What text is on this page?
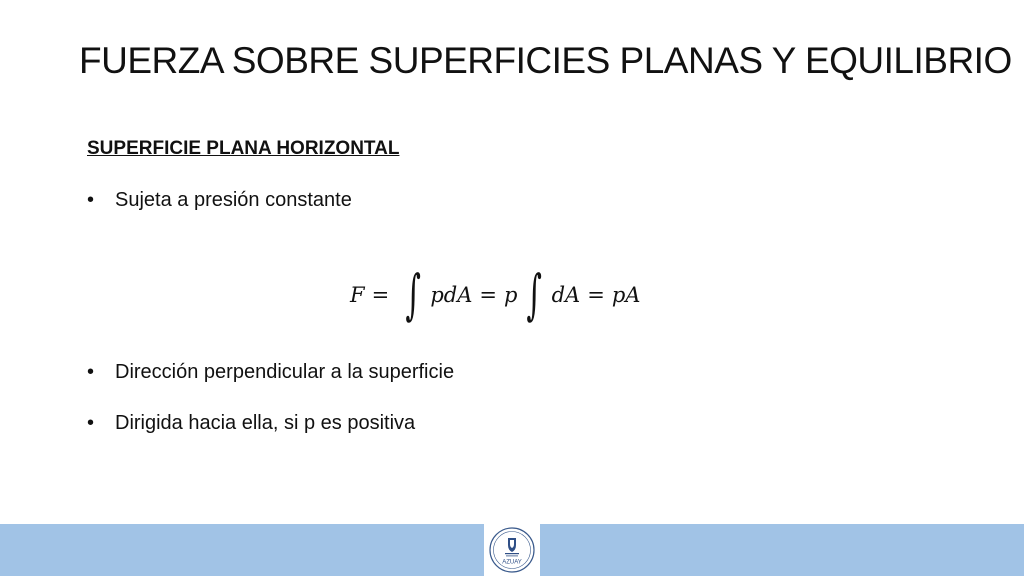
FUERZA SOBRE SUPERFICIES PLANAS Y EQUILIBRIO
SUPERFICIE PLANA HORIZONTAL
• Sujeta a presión constante
F = ∫ pdA = p ∫ dA = pA
• Dirección perpendicular a la superficie
• Dirigida hacia ella, si p es positiva
AZUAY
